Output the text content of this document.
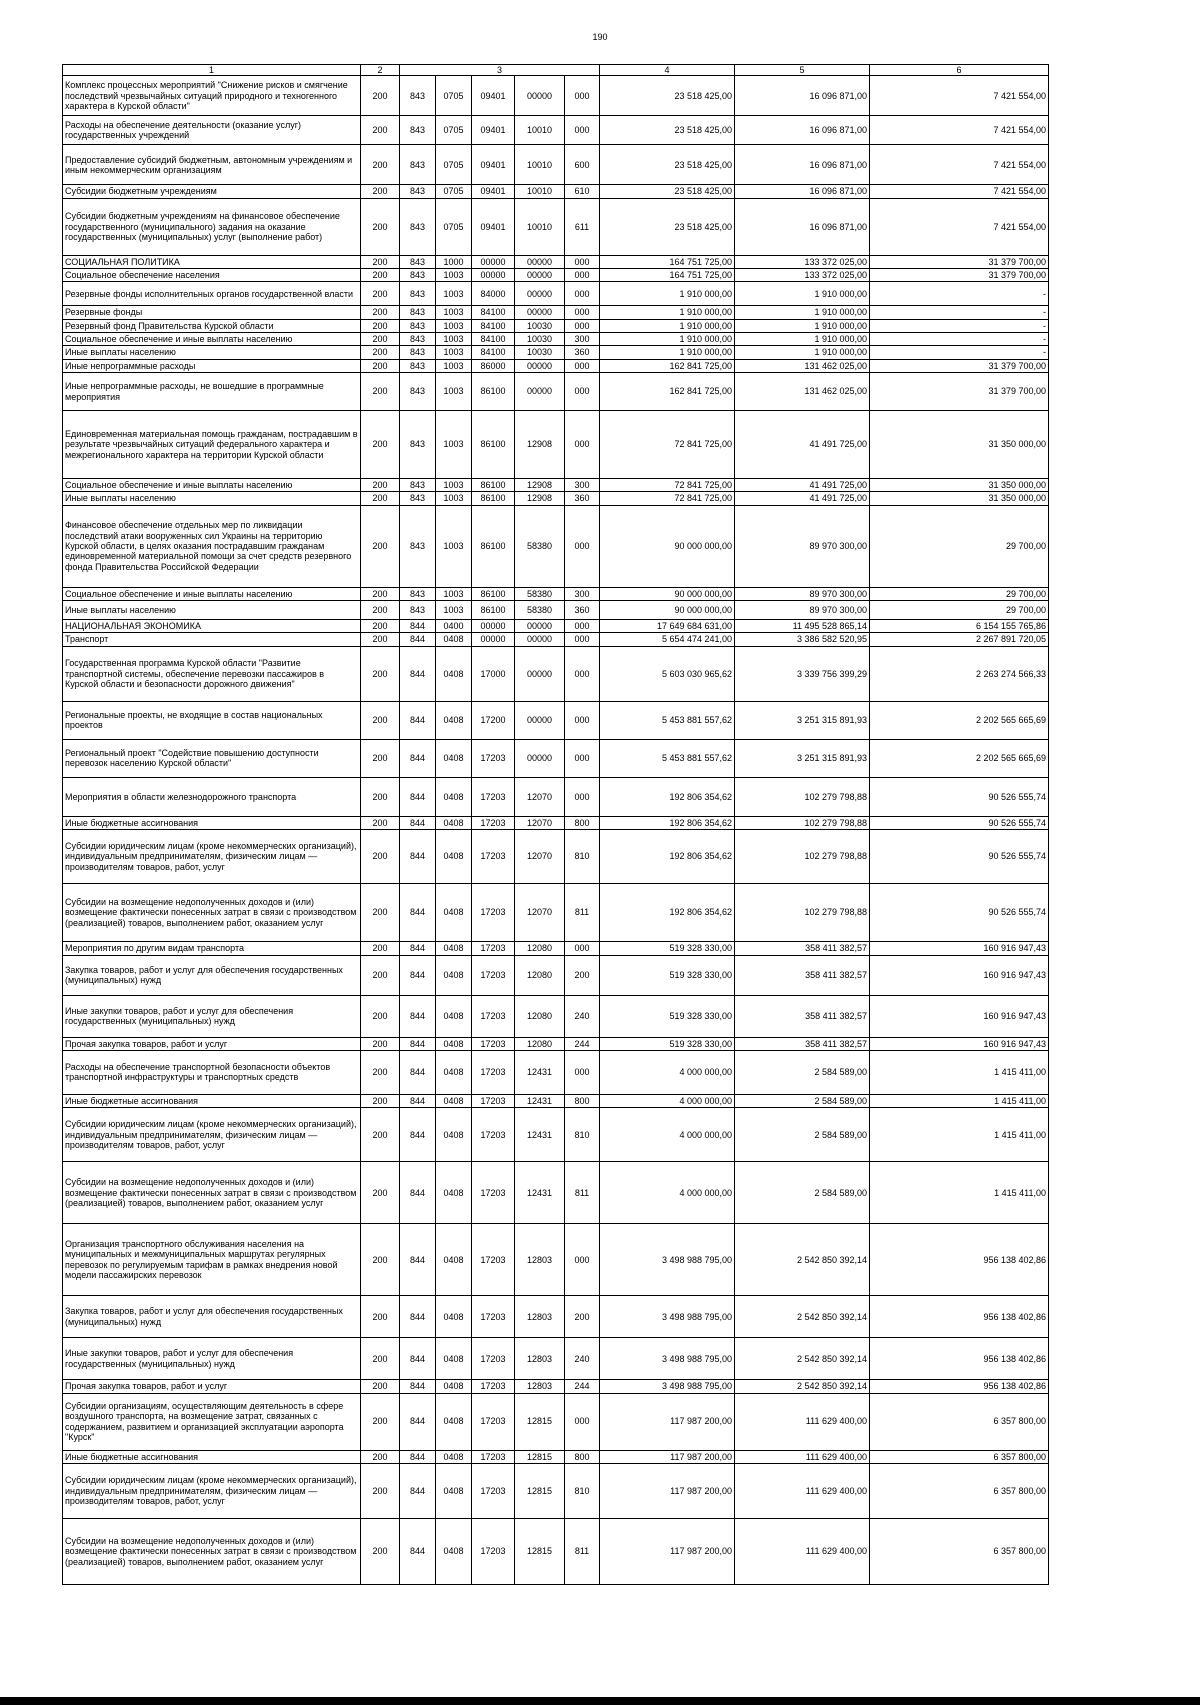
190
1	2	3					4	5	6
Комплекс процессных мероприятий "Снижение рисков и смягчение последствий чрезвычайных ситуаций природного и техногенного характера в Курской области"	200	843	0705	09401	00000	000	23 518 425,00	16 096 871,00	7 421 554,00
Расходы на обеспечение деятельности (оказание услуг) государственных учреждений	200	843	0705	09401	10010	000	23 518 425,00	16 096 871,00	7 421 554,00
Предоставление субсидий бюджетным, автономным учреждениям и иным некоммерческим организациям	200	843	0705	09401	10010	600	23 518 425,00	16 096 871,00	7 421 554,00
Субсидии бюджетным учреждениям	200	843	0705	09401	10010	610	23 518 425,00	16 096 871,00	7 421 554,00
Субсидии бюджетным учреждениям на финансовое обеспечение государственного (муниципального) задания на оказание государственных (муниципальных) услуг (выполнение работ)	200	843	0705	09401	10010	611	23 518 425,00	16 096 871,00	7 421 554,00
СОЦИАЛЬНАЯ ПОЛИТИКА	200	843	1000	00000	00000	000	164 751 725,00	133 372 025,00	31 379 700,00
Социальное обеспечение населения	200	843	1003	00000	00000	000	164 751 725,00	133 372 025,00	31 379 700,00
Резервные фонды исполнительных органов государственной власти	200	843	1003	84000	00000	000	1 910 000,00	1 910 000,00	-
Резервные фонды	200	843	1003	84100	00000	000	1 910 000,00	1 910 000,00	-
Резервный фонд Правительства Курской области	200	843	1003	84100	10030	000	1 910 000,00	1 910 000,00	-
Социальное обеспечение и иные выплаты населению	200	843	1003	84100	10030	300	1 910 000,00	1 910 000,00	-
Иные выплаты населению	200	843	1003	84100	10030	360	1 910 000,00	1 910 000,00	-
Иные непрограммные расходы	200	843	1003	86000	00000	000	162 841 725,00	131 462 025,00	31 379 700,00
Иные непрограммные расходы, не вошедшие в программные мероприятия	200	843	1003	86100	00000	000	162 841 725,00	131 462 025,00	31 379 700,00
Единовременная материальная помощь гражданам, пострадавшим в результате чрезвычайных ситуаций федерального характера и межрегионального характера на территории Курской области	200	843	1003	86100	12908	000	72 841 725,00	41 491 725,00	31 350 000,00
Социальное обеспечение и иные выплаты населению	200	843	1003	86100	12908	300	72 841 725,00	41 491 725,00	31 350 000,00
Иные выплаты населению	200	843	1003	86100	12908	360	72 841 725,00	41 491 725,00	31 350 000,00
Финансовое обеспечение отдельных мер по ликвидации последствий атаки вооруженных сил Украины на территорию Курской области, в целях оказания пострадавшим гражданам единовременной материальной помощи за счет средств резервного фонда Правительства Российской Федерации	200	843	1003	86100	58380	000	90 000 000,00	89 970 300,00	29 700,00
Социальное обеспечение и иные выплаты населению	200	843	1003	86100	58380	300	90 000 000,00	89 970 300,00	29 700,00
Иные выплаты населению	200	843	1003	86100	58380	360	90 000 000,00	89 970 300,00	29 700,00
НАЦИОНАЛЬНАЯ ЭКОНОМИКА	200	844	0400	00000	00000	000	17 649 684 631,00	11 495 528 865,14	6 154 155 765,86
Транспорт	200	844	0408	00000	00000	000	5 654 474 241,00	3 386 582 520,95	2 267 891 720,05
Государственная программа Курской области "Развитие транспортной системы, обеспечение перевозки пассажиров в Курской области и безопасности дорожного движения"	200	844	0408	17000	00000	000	5 603 030 965,62	3 339 756 399,29	2 263 274 566,33
Региональные проекты, не входящие в состав национальных проектов	200	844	0408	17200	00000	000	5 453 881 557,62	3 251 315 891,93	2 202 565 665,69
Региональный проект "Содействие повышению доступности перевозок населению Курской области"	200	844	0408	17203	00000	000	5 453 881 557,62	3 251 315 891,93	2 202 565 665,69
Мероприятия в области железнодорожного транспорта	200	844	0408	17203	12070	000	192 806 354,62	102 279 798,88	90 526 555,74
Иные бюджетные ассигнования	200	844	0408	17203	12070	800	192 806 354,62	102 279 798,88	90 526 555,74
Субсидии юридическим лицам (кроме некоммерческих организаций), индивидуальным предпринимателям, физическим лицам — производителям товаров, работ, услуг	200	844	0408	17203	12070	810	192 806 354,62	102 279 798,88	90 526 555,74
Субсидии на возмещение недополученных доходов и (или) возмещение фактически понесенных затрат в связи с производством (реализацией) товаров, выполнением работ, оказанием услуг	200	844	0408	17203	12070	811	192 806 354,62	102 279 798,88	90 526 555,74
Мероприятия по другим видам транспорта	200	844	0408	17203	12080	000	519 328 330,00	358 411 382,57	160 916 947,43
Закупка товаров, работ и услуг для обеспечения государственных (муниципальных) нужд	200	844	0408	17203	12080	200	519 328 330,00	358 411 382,57	160 916 947,43
Иные закупки товаров, работ и услуг для обеспечения государственных (муниципальных) нужд	200	844	0408	17203	12080	240	519 328 330,00	358 411 382,57	160 916 947,43
Прочая закупка товаров, работ и услуг	200	844	0408	17203	12080	244	519 328 330,00	358 411 382,57	160 916 947,43
Расходы на обеспечение транспортной безопасности объектов транспортной инфраструктуры и транспортных средств	200	844	0408	17203	12431	000	4 000 000,00	2 584 589,00	1 415 411,00
Иные бюджетные ассигнования	200	844	0408	17203	12431	800	4 000 000,00	2 584 589,00	1 415 411,00
Субсидии юридическим лицам (кроме некоммерческих организаций), индивидуальным предпринимателям, физическим лицам — производителям товаров, работ, услуг	200	844	0408	17203	12431	810	4 000 000,00	2 584 589,00	1 415 411,00
Субсидии на возмещение недополученных доходов и (или) возмещение фактически понесенных затрат в связи с производством (реализацией) товаров, выполнением работ, оказанием услуг	200	844	0408	17203	12431	811	4 000 000,00	2 584 589,00	1 415 411,00
Организация транспортного обслуживания населения на муниципальных и межмуниципальных маршрутах регулярных перевозок по регулируемым тарифам в рамках внедрения новой модели пассажирских перевозок	200	844	0408	17203	12803	000	3 498 988 795,00	2 542 850 392,14	956 138 402,86
Закупка товаров, работ и услуг для обеспечения государственных (муниципальных) нужд	200	844	0408	17203	12803	200	3 498 988 795,00	2 542 850 392,14	956 138 402,86
Иные закупки товаров, работ и услуг для обеспечения государственных (муниципальных) нужд	200	844	0408	17203	12803	240	3 498 988 795,00	2 542 850 392,14	956 138 402,86
Прочая закупка товаров, работ и услуг	200	844	0408	17203	12803	244	3 498 988 795,00	2 542 850 392,14	956 138 402,86
Субсидии организациям, осуществляющим деятельность в сфере воздушного транспорта, на возмещение затрат, связанных с содержанием, развитием и организацией эксплуатации аэропорта "Курск"	200	844	0408	17203	12815	000	117 987 200,00	111 629 400,00	6 357 800,00
Иные бюджетные ассигнования	200	844	0408	17203	12815	800	117 987 200,00	111 629 400,00	6 357 800,00
Субсидии юридическим лицам (кроме некоммерческих организаций), индивидуальным предпринимателям, физическим лицам — производителям товаров, работ, услуг	200	844	0408	17203	12815	810	117 987 200,00	111 629 400,00	6 357 800,00
Субсидии на возмещение недополученных доходов и (или) возмещение фактически понесенных затрат в связи с производством (реализацией) товаров, выполнением работ, оказанием услуг	200	844	0408	17203	12815	811	117 987 200,00	111 629 400,00	6 357 800,00
